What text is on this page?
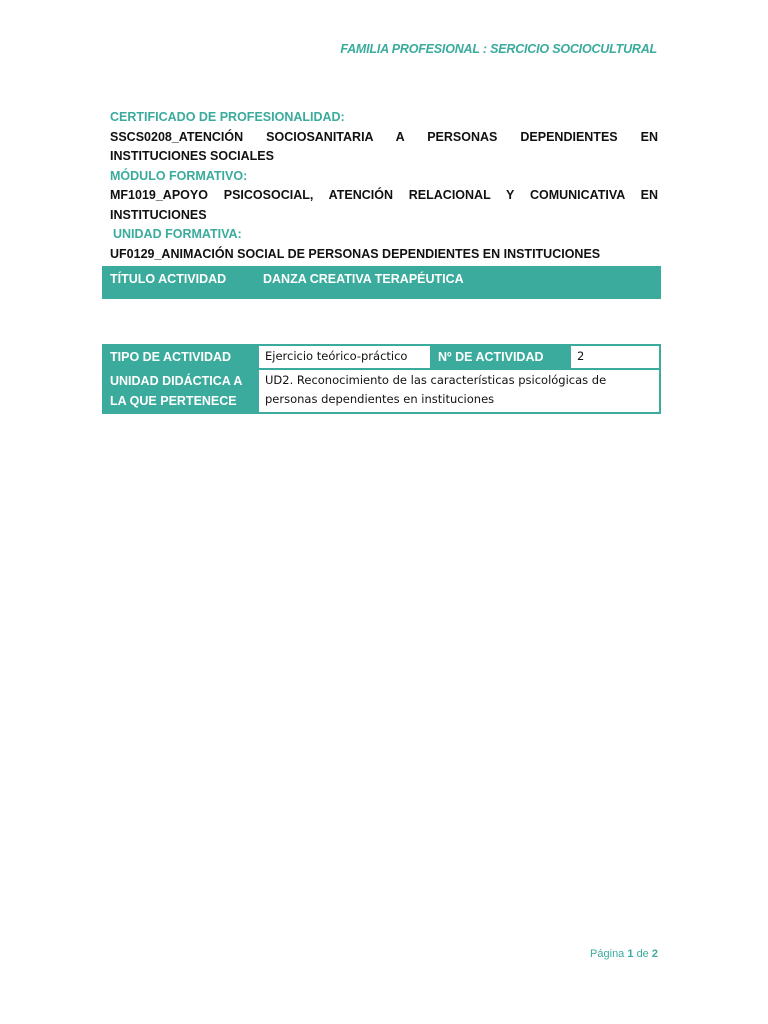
FAMILIA PROFESIONAL : SERCICIO SOCIOCULTURAL
CERTIFICADO DE PROFESIONALIDAD:
SSCS0208_ATENCIÓN SOCIOSANITARIA A PERSONAS DEPENDIENTES EN INSTITUCIONES SOCIALES
MÓDULO FORMATIVO:
MF1019_APOYO PSICOSOCIAL, ATENCIÓN RELACIONAL Y COMUNICATIVA EN INSTITUCIONES
UNIDAD FORMATIVA:
UF0129_ANIMACIÓN SOCIAL DE PERSONAS DEPENDIENTES EN INSTITUCIONES
TÍTULO ACTIVIDAD	DANZA CREATIVA TERAPÉUTICA
TIPO DE ACTIVIDAD	Ejercicio teórico-práctico	Nº DE ACTIVIDAD	2
UNIDAD DIDÁCTICA A LA QUE PERTENECE	UD2. Reconocimiento de las características psicológicas de personas dependientes en instituciones		
Página 1 de 2
